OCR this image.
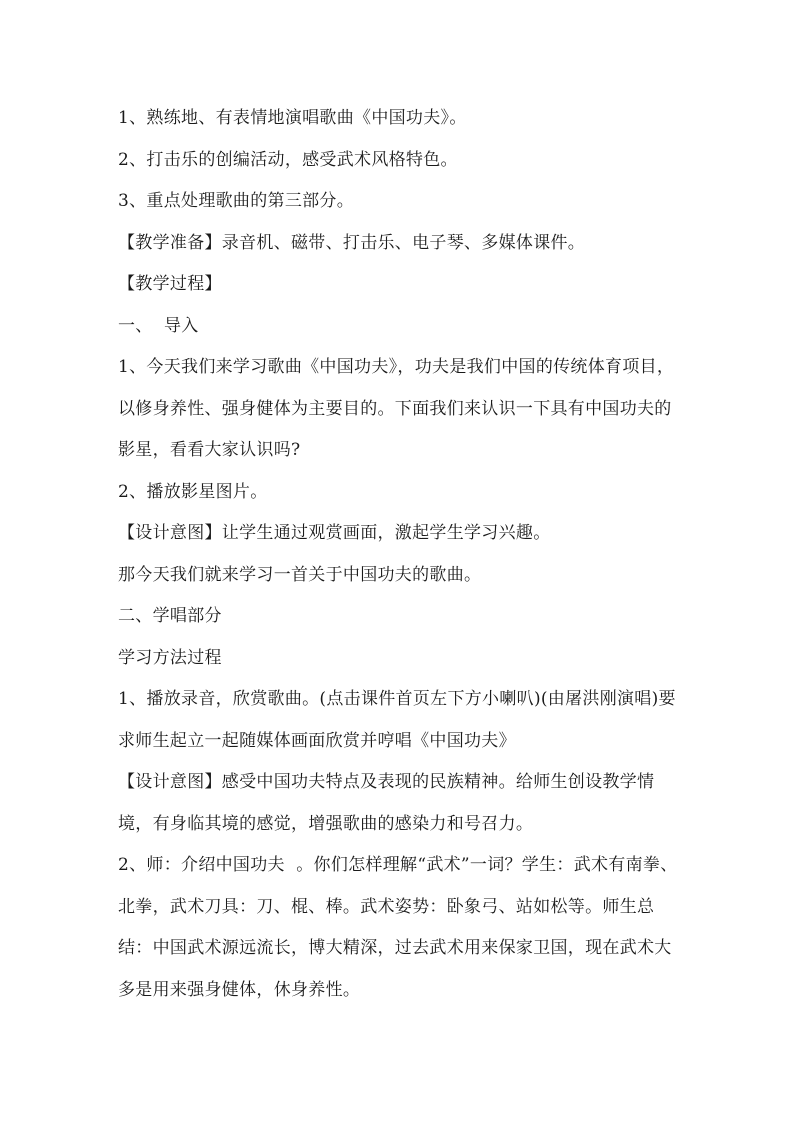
1、熟练地、有表情地演唱歌曲《中国功夫》。

2、打击乐的创编活动，感受武术风格特色。

3、重点处理歌曲的第三部分。

【教学准备】录音机、磁带、打击乐、电子琴、多媒体课件。

【教学过程】

一、  导入

1、今天我们来学习歌曲《中国功夫》，功夫是我们中国的传统体育项目，以修身养性、强身健体为主要目的。下面我们来认识一下具有中国功夫的影星，看看大家认识吗?

2、播放影星图片。

【设计意图】让学生通过观赏画面，激起学生学习兴趣。

那今天我们就来学习一首关于中国功夫的歌曲。

二、学唱部分

学习方法过程

1、播放录音，欣赏歌曲。(点击课件首页左下方小喇叭)(由屠洪刚演唱)要求师生起立一起随媒体画面欣赏并哼唱《中国功夫》

【设计意图】感受中国功夫特点及表现的民族精神。给师生创设教学情境，有身临其境的感觉，增强歌曲的感染力和号召力。

2、师：介绍中国功夫  。你们怎样理解“武术”一词？学生：武术有南拳、北拳，武术刀具：刀、棍、棒。武术姿势：卧象弓、站如松等。师生总结：中国武术源远流长，博大精深，过去武术用来保家卫国，现在武术大多是用来强身健体，休身养性。
